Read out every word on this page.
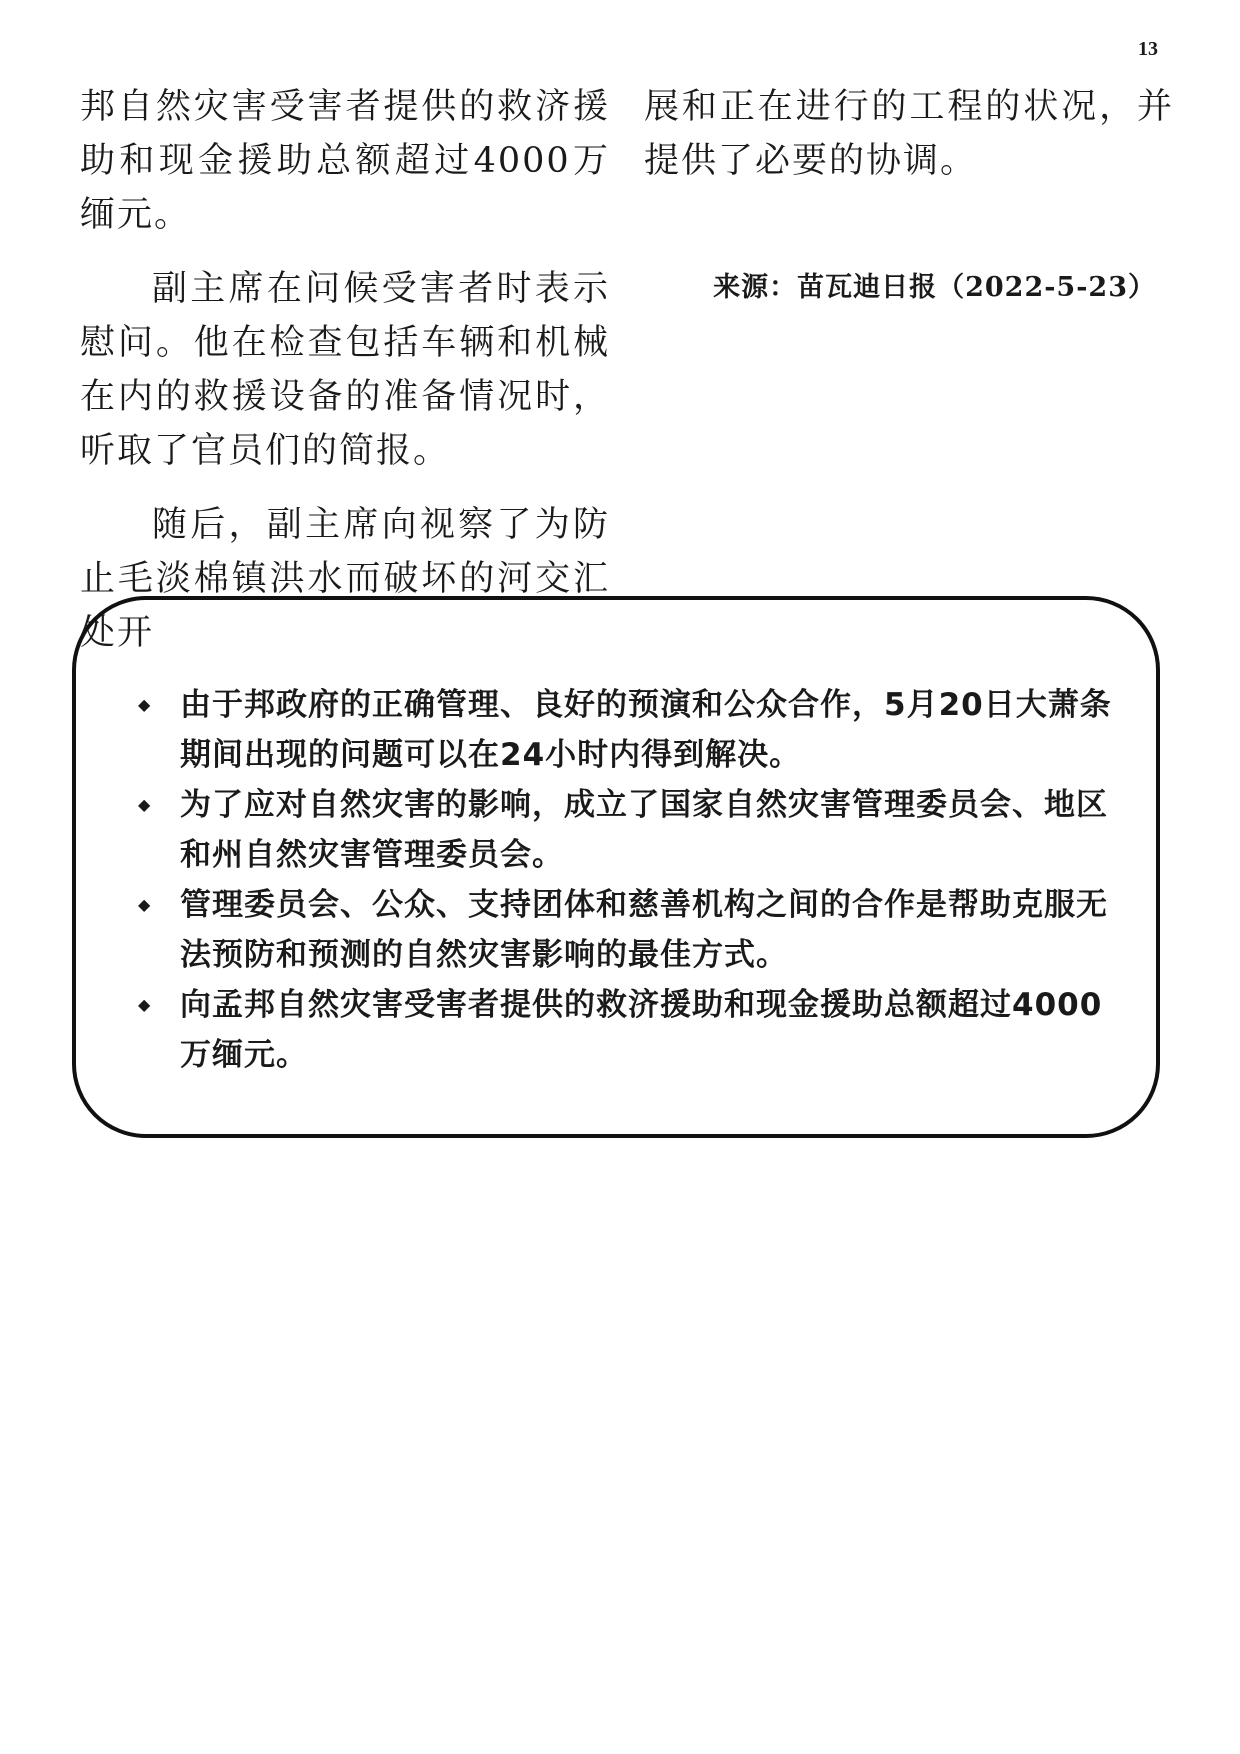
13

邦自然灾害受害者提供的救济援助和现金援助总额超过4000万缅元。

副主席在问候受害者时表示慰问。他在检查包括车辆和机械在内的救援设备的准备情况时，听取了官员们的简报。

随后，副主席向视察了为防止毛淡棉镇洪水而破坏的河交汇处开

展和正在进行的工程的状况，并提供了必要的协调。

来源：苗瓦迪日报（2022-5-23）
◆ 由于邦政府的正确管理、良好的预演和公众合作，5月20日大萧条期间出现的问题可以在24小时内得到解决。
◆ 为了应对自然灾害的影响，成立了国家自然灾害管理委员会、地区和州自然灾害管理委员会。
◆ 管理委员会、公众、支持团体和慈善机构之间的合作是帮助克服无法预防和预测的自然灾害影响的最佳方式。
◆ 向孟邦自然灾害受害者提供的救济援助和现金援助总额超过4000万缅元。
